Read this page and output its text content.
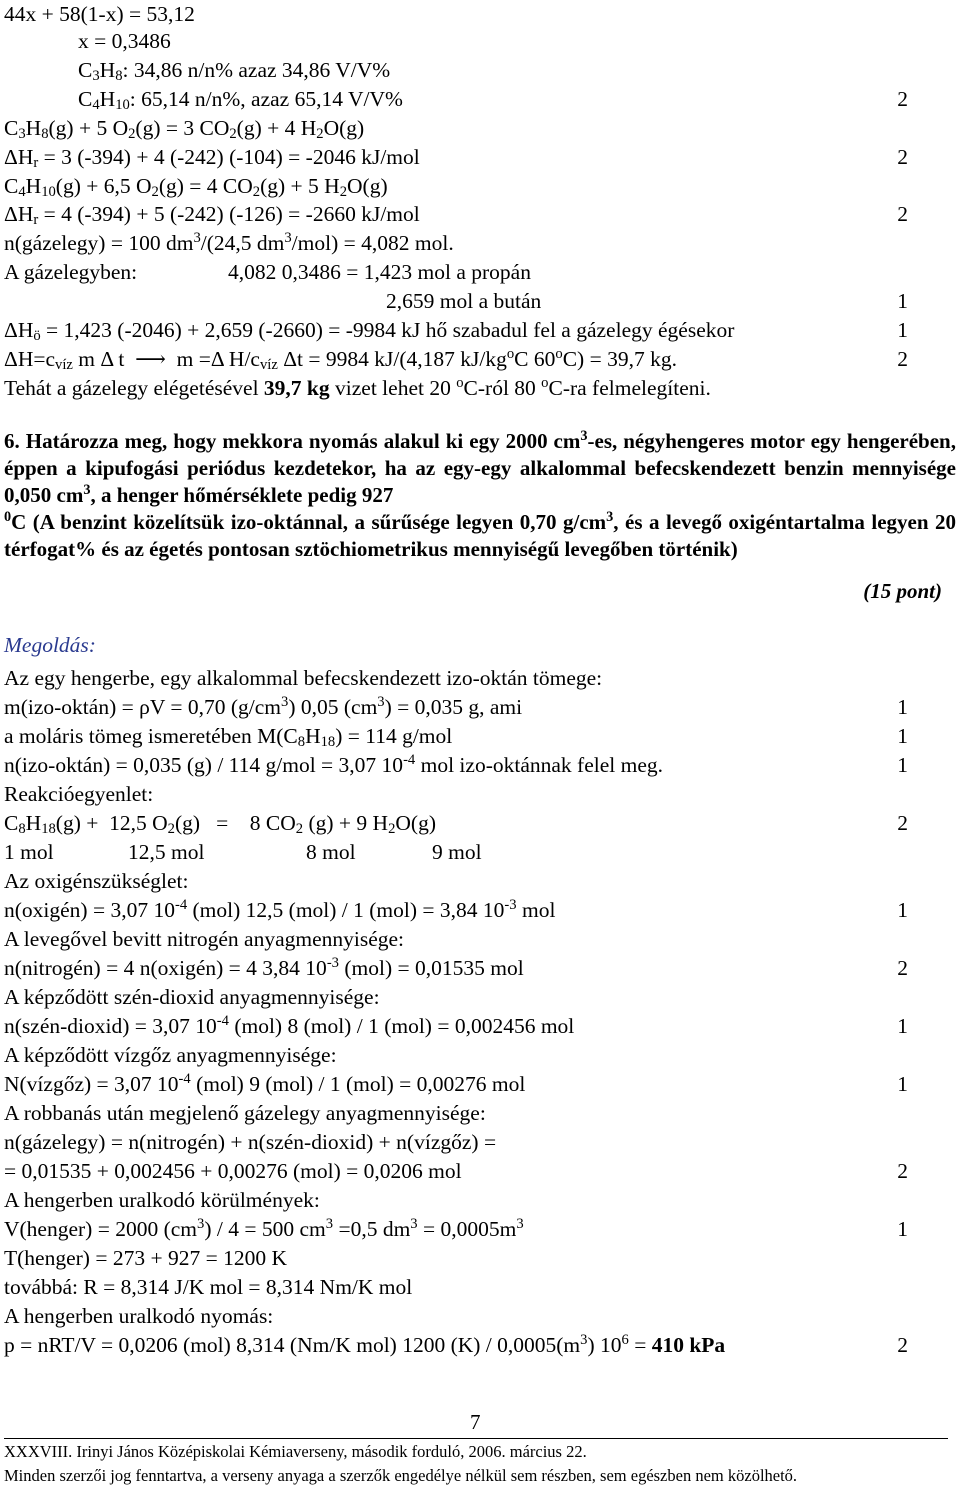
44x + 58(1-x) = 53,12
x = 0,3486
$C_3H_8$: 34,86 n/n% azaz 34,86 V/V%
$C_4H_{10}$: 65,14 n/n%, azaz 65,14 V/V%	2
$C_3H_8(g) + 5$ $O_2(g) = 3$ $CO_2(g) + 4$ $H_2O(g)$
$\Delta H_r = 3$ (-394) + 4 (-242) (-104) = -2046 kJ/mol	2
$C_4H_{10}(g) + 6,5$ $O_2(g) = 4$ $CO_2(g) + 5$ $H_2O(g)$
$\Delta H_r = 4$ (-394) + 5 (-242) (-126) = -2660 kJ/mol	2
n(gázelegy) = 100 $dm^3/(24,5$ $dm^3/mol) = 4,082$ mol.
A gázelegyben:	4,082 0,3486 = 1,423 mol a propán
2,659 mol a bután	1
$\Delta H_ö = 1,423$ (-2046) + 2,659 (-2660) = -9984 kJ hő szabadul fel a gázelegy égésekor	1
$\Delta H=c_{víz}$ m Δ t  ⟶  m =Δ $H/c_{víz}$ Δt = 9984 kJ/(4,187 $kJ/kg^oC$ $60^oC) = 39,7$ kg.	2
Tehát a gázelegy elégetésével 39,7 kg vizet lehet 20 $^o$C-ról 80 $^o$C-ra felmelegíteni.
6. Határozza meg, hogy mekkora nyomás alakul ki egy 2000 $cm^3-es$, négyhengeres motor egy hengerében, éppen a kipufogási periódus kezdetekor, ha az egy-egy alkalommal befecskendezett benzin mennyisége 0,050 $cm^3$, a henger hőmérséklete pedig 927
$^0$C (A benzint közelítsük izo-oktánnal, a sűrűsége legyen 0,70 $g/cm^3$, és a levegő oxigéntartalma legyen 20 térfogat% és az égetés pontosan sztöchiometrikus mennyiségű levegőben történik)
(15 pont)
Megoldás:
Az egy hengerbe, egy alkalommal befecskendezett izo-oktán tömege:
m(izo-oktán) = ρV = 0,70 $(g/cm^3)$ 0,05 $(cm^3) = 0,035$ g, ami	1
a moláris tömeg ismeretében $M(C_8H_{18}) = 114$ g/mol	1
n(izo-oktán) = 0,035 (g) / 114 g/mol = 3,07 $10^{-4}$ mol izo-oktánnak felel meg.	1
Reakcióegyenlet:
$C_8H_{18}(g) + 12,5$ $O_2(g)$   =    8 $CO_2$ (g) + 9 $H_2O(g)$	2
1 mol	12,5 mol	8 mol	9 mol
Az oxigénszükséglet:
n(oxigén) = 3,07 $10^{-4}$ (mol) 12,5 (mol) / 1 (mol) = 3,84 $10^{-3}$ mol	1
A levegővel bevitt nitrogén anyagmennyisége:
n(nitrogén) = 4 n(oxigén) = 4 3,84 $10^{-3}$ (mol) = 0,01535 mol	2
A képződött szén-dioxid anyagmennyisége:
n(szén-dioxid) = 3,07 $10^{-4}$ (mol) 8 (mol) / 1 (mol) = 0,002456 mol	1
A képződött vízgőz anyagmennyisége:
N(vízgőz) = 3,07 $10^{-4}$ (mol) 9 (mol) / 1 (mol) = 0,00276 mol	1
A robbanás után megjelenő gázelegy anyagmennyisége:
n(gázelegy) = n(nitrogén) + n(szén-dioxid) + n(vízgőz) =
= 0,01535 + 0,002456 + 0,00276 (mol) = 0,0206 mol	2
A hengerben uralkodó körülmények:
V(henger) = 2000 $(cm^3) / 4 = 500$ $cm^3 =0,5$ $dm^3 = 0,0005m^3$	1
T(henger) = 273 + 927 = 1200 K
továbbá: R = 8,314 J/K mol = 8,314 Nm/K mol
A hengerben uralkodó nyomás:
p = nRT/V = 0,0206 (mol) 8,314 (Nm/K mol) 1200 $(K) / 0,0005(m^3) 10^6 = 410$ kPa	2
7
XXXVIII. Irinyi János Középiskolai Kémiaverseny, második forduló, 2006. március 22.
Minden szerzői jog fenntartva, a verseny anyaga a szerzők engedélye nélkül sem részben, sem egészben nem közölhető.
